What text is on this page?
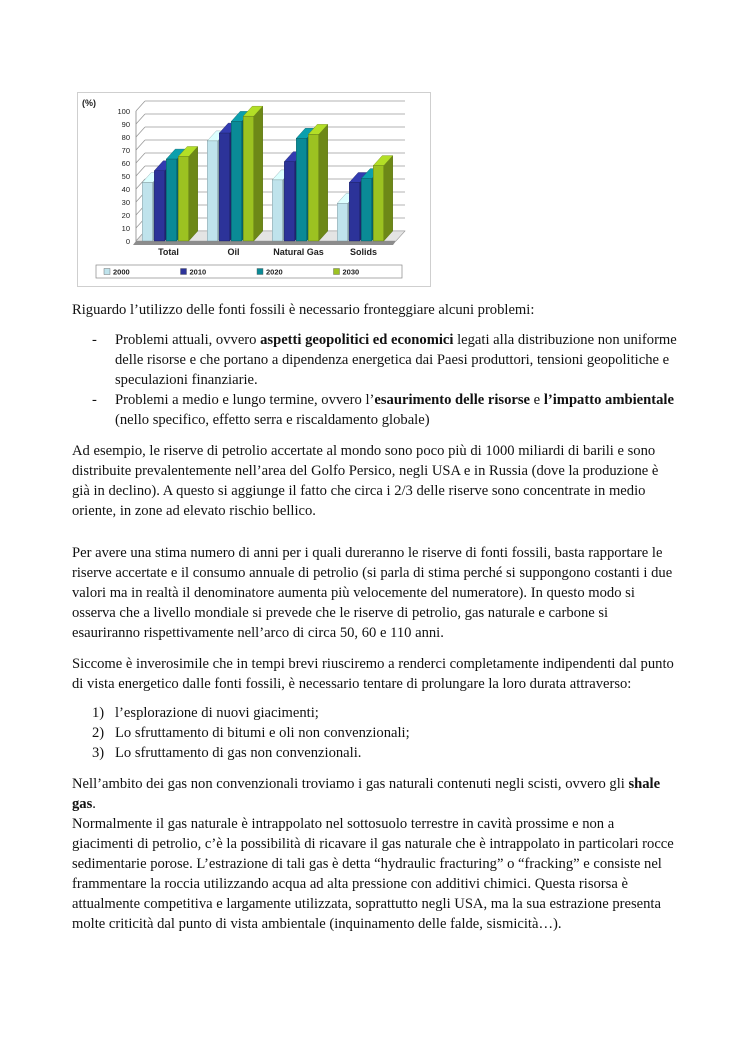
0
10
20
30
40
50
60
70
80
90
100
(%)
Total	Oil	Natural Gas	Solids
2000	2010	2020	2030

Riguardo l’utilizzo delle fonti fossili è necessario fronteggiare alcuni problemi:

- Problemi attuali, ovvero aspetti geopolitici ed economici legati alla distribuzione non uniforme delle risorse e che portano a dipendenza energetica dai Paesi produttori, tensioni geopolitiche e speculazioni finanziarie.
- Problemi a medio e lungo termine, ovvero l’esaurimento delle risorse e l’impatto ambientale (nello specifico, effetto serra e riscaldamento globale)

Ad esempio, le riserve di petrolio accertate al mondo sono poco più di 1000 miliardi di barili e sono distribuite prevalentemente nell’area del Golfo Persico, negli USA e in Russia (dove la produzione è già in declino). A questo si aggiunge il fatto che circa i 2/3 delle riserve sono concentrate in medio oriente, in zone ad elevato rischio bellico.

Per avere una stima numero di anni per i quali dureranno le riserve di fonti fossili, basta rapportare le riserve accertate e il consumo annuale di petrolio (si parla di stima perché si suppongono costanti i due valori ma in realtà il denominatore aumenta più velocemente del numeratore). In questo modo si osserva che a livello mondiale si prevede che le riserve di petrolio, gas naturale e carbone si esauriranno rispettivamente nell’arco di circa 50, 60 e 110 anni.

Siccome è inverosimile che in tempi brevi riusciremo a renderci completamente indipendenti dal punto di vista energetico dalle fonti fossili, è necessario tentare di prolungare la loro durata attraverso:

1) l’esplorazione di nuovi giacimenti;
2) Lo sfruttamento di bitumi e oli non convenzionali;
3) Lo sfruttamento di gas non convenzionali.

Nell’ambito dei gas non convenzionali troviamo i gas naturali contenuti negli scisti, ovvero gli shale gas.

Normalmente il gas naturale è intrappolato nel sottosuolo terrestre in cavità prossime e non a giacimenti di petrolio, c’è la possibilità di ricavare il gas naturale che è intrappolato in particolari rocce sedimentarie porose. L’estrazione di tali gas è detta “hydraulic fracturing” o “fracking” e consiste nel frammentare la roccia utilizzando acqua ad alta pressione con additivi chimici. Questa risorsa è attualmente competitiva e largamente utilizzata, soprattutto negli USA, ma la sua estrazione presenta molte criticità dal punto di vista ambientale (inquinamento delle falde, sismicità…).
